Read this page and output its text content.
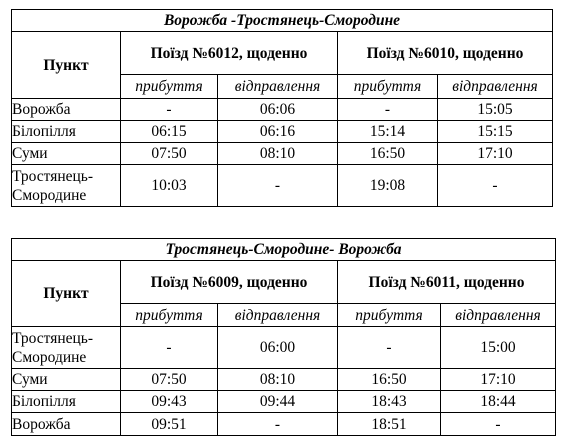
Ворожба -Тростянець-Смородине				
Пункт	Поїзд №6012, щоденно		Поїзд №6010, щоденно	
	прибуття	відправлення	прибуття	відправлення
Ворожба	-	06:06	-	15:05
Білопілля	06:15	06:16	15:14	15:15
Суми	07:50	08:10	16:50	17:10
Тростянець-Смородине	10:03	-	19:08	-
Тростянець-Смородине- Ворожба				
Пункт	Поїзд №6009, щоденно		Поїзд №6011, щоденно	
	прибуття	відправлення	прибуття	відправлення
Тростянець-Смородине	-	06:00	-	15:00
Суми	07:50	08:10	16:50	17:10
Білопілля	09:43	09:44	18:43	18:44
Ворожба	09:51	-	18:51	-
